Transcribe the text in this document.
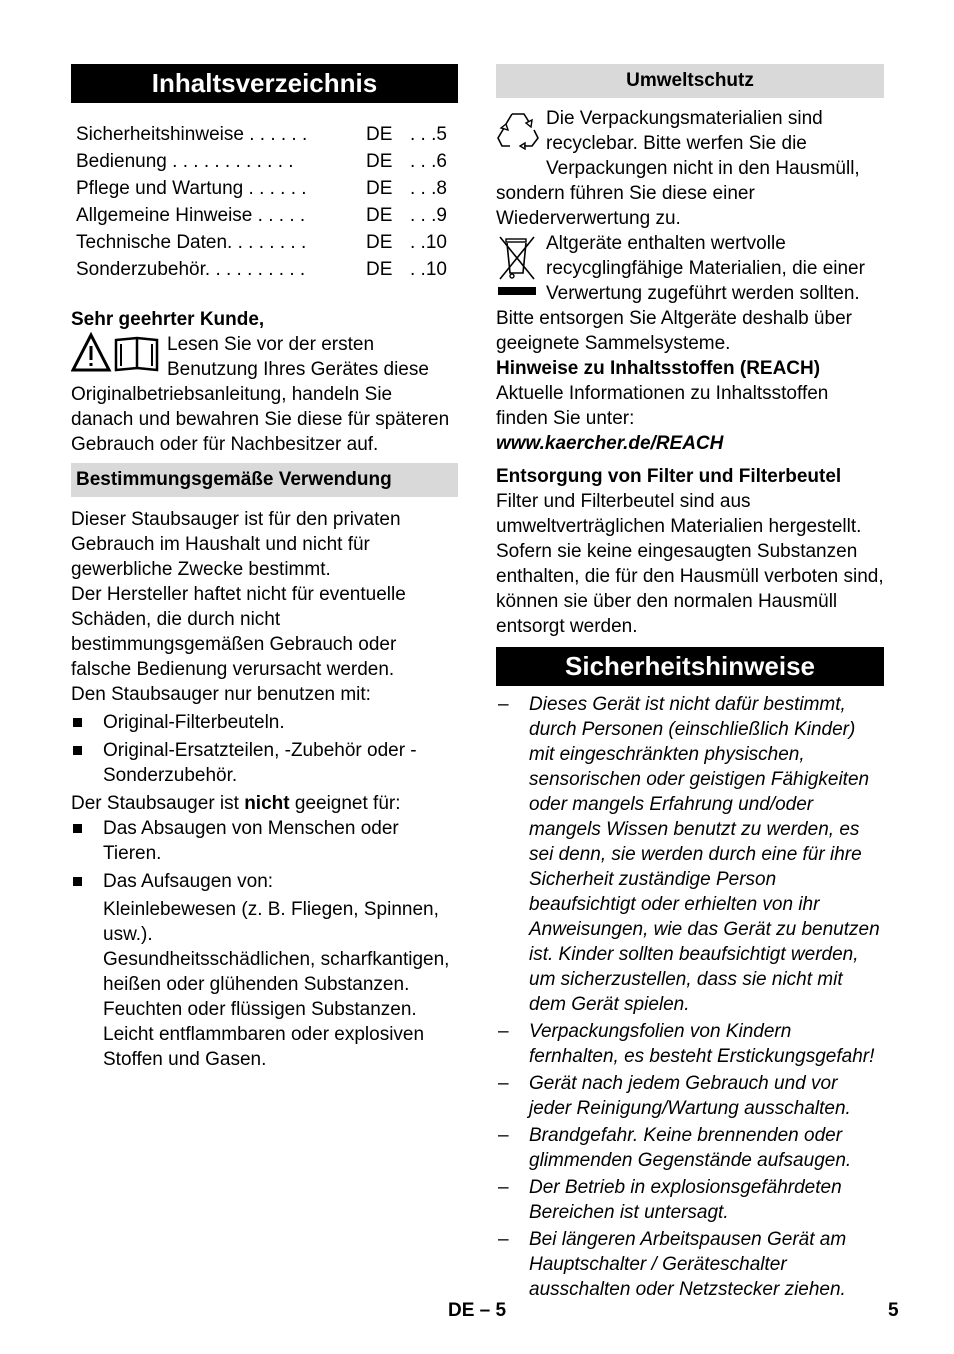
Inhaltsverzeichnis
Sicherheitshinweise . . . . . .	DE . . .5
Bedienung . . . . . . . . . . . .	DE . . .6
Pflege und Wartung . . . . . .	DE . . .8
Allgemeine Hinweise . . . . .	DE . . .9
Technische Daten. . . . . . . .	DE . .10
Sonderzubehör. . . . . . . . . .	DE . .10

Sehr geehrter Kunde,

Lesen Sie vor der ersten Benutzung Ihres Gerätes diese Originalbetriebsanleitung, handeln Sie danach und bewahren Sie diese für späteren Gebrauch oder für Nachbesitzer auf.

Bestimmungsgemäße Verwendung

Dieser Staubsauger ist für den privaten Gebrauch im Haushalt und nicht für gewerbliche Zwecke bestimmt.

Der Hersteller haftet nicht für eventuelle Schäden, die durch nicht bestimmungsgemäßen Gebrauch oder falsche Bedienung verursacht werden.

Den Staubsauger nur benutzen mit:

Original-Filterbeuteln.
Original-Ersatzteilen, -Zubehör oder -Sonderzubehör.

Der Staubsauger ist nicht geeignet für:

Das Absaugen von Menschen oder Tieren.
Das Aufsaugen von:

Kleinlebewesen (z. B. Fliegen, Spinnen, usw.).

Gesundheitsschädlichen, scharfkantigen, heißen oder glühenden Substanzen.

Feuchten oder flüssigen Substanzen.

Leicht entflammbaren oder explosiven Stoffen und Gasen.

Umweltschutz

Die Verpackungsmaterialien sind recyclebar. Bitte werfen Sie die Verpackungen nicht in den Hausmüll, sondern führen Sie diese einer Wiederverwertung zu.

Altgeräte enthalten wertvolle recycglingfähige Materialien, die einer Verwertung zugeführt werden sollten. Bitte entsorgen Sie Altgeräte deshalb über geeignete Sammelsysteme.

Hinweise zu Inhaltsstoffen (REACH)

Aktuelle Informationen zu Inhaltsstoffen finden Sie unter:

www.kaercher.de/REACH

Entsorgung von Filter und Filterbeutel

Filter und Filterbeutel sind aus umweltverträglichen Materialien hergestellt.

Sofern sie keine eingesaugten Substanzen enthalten, die für den Hausmüll verboten sind, können sie über den normalen Hausmüll entsorgt werden.

Sicherheitshinweise
– Dieses Gerät ist nicht dafür bestimmt, durch Personen (einschließlich Kinder) mit eingeschränkten physischen, sensorischen oder geistigen Fähigkeiten oder mangels Erfahrung und/oder mangels Wissen benutzt zu werden, es sei denn, sie werden durch eine für ihre Sicherheit zuständige Person beaufsichtigt oder erhielten von ihr Anweisungen, wie das Gerät zu benutzen ist. Kinder sollten beaufsichtigt werden, um sicherzustellen, dass sie nicht mit dem Gerät spielen.
– Verpackungsfolien von Kindern fernhalten, es besteht Erstickungsgefahr!
– Gerät nach jedem Gebrauch und vor jeder Reinigung/Wartung ausschalten.
– Brandgefahr. Keine brennenden oder glimmenden Gegenstände aufsaugen.
– Der Betrieb in explosionsgefährdeten Bereichen ist untersagt.
– Bei längeren Arbeitspausen Gerät am Hauptschalter / Geräteschalter ausschalten oder Netzstecker ziehen.
DE – 5	5
